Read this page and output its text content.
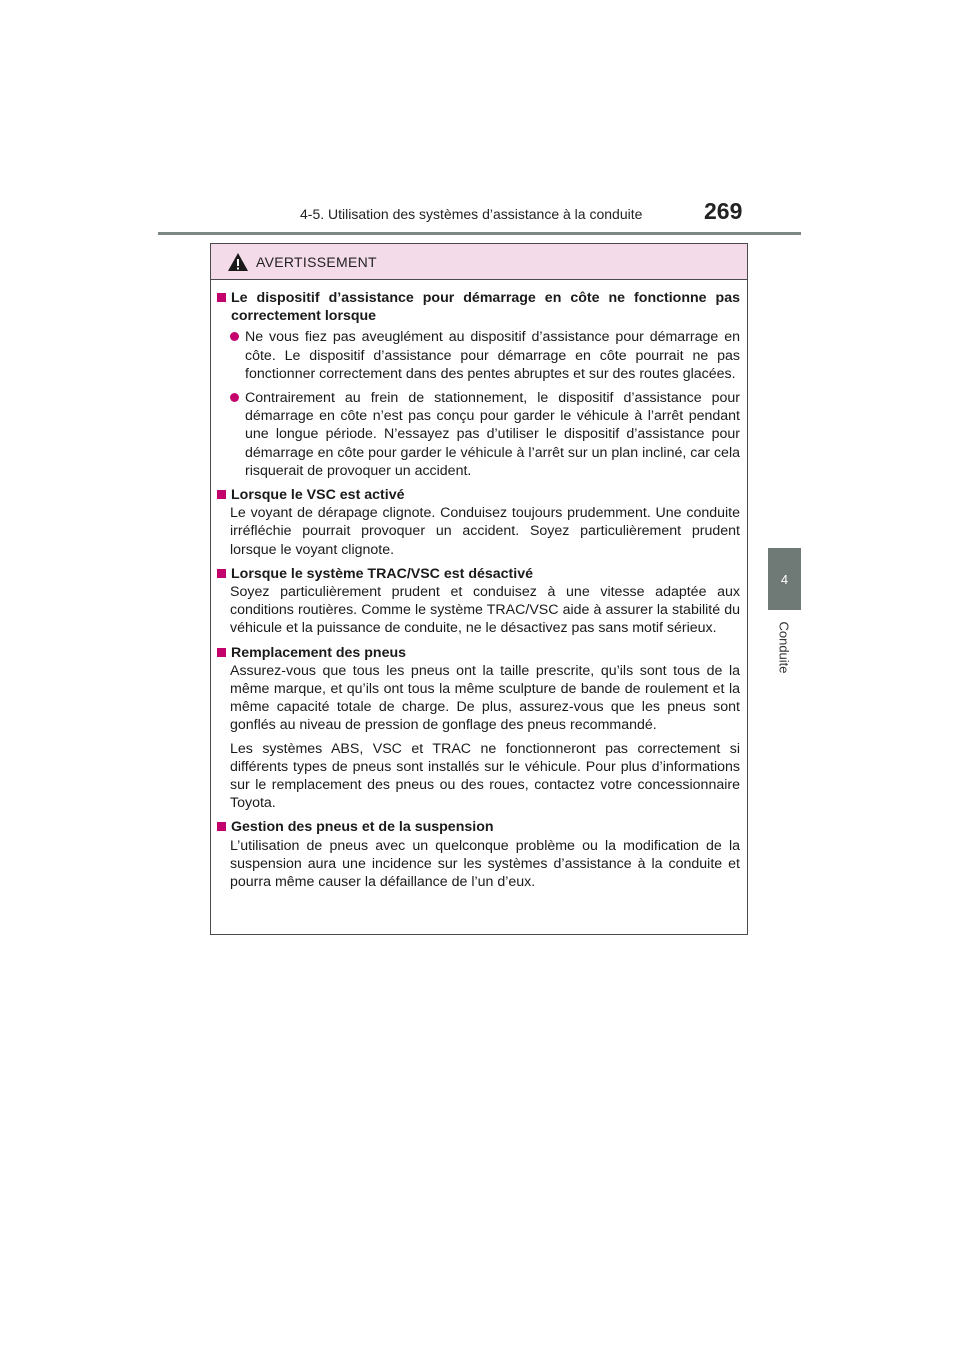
4-5. Utilisation des systèmes d’assistance à la conduite	269
4
Conduite
AVERTISSEMENT
Le dispositif d’assistance pour démarrage en côte ne fonctionne pas correctement lorsque
Ne vous fiez pas aveuglément au dispositif d’assistance pour démarrage en côte. Le dispositif d’assistance pour démarrage en côte pourrait ne pas fonctionner correctement dans des pentes abruptes et sur des routes glacées.
Contrairement au frein de stationnement, le dispositif d’assistance pour démarrage en côte n’est pas conçu pour garder le véhicule à l’arrêt pendant une longue période. N’essayez pas d’utiliser le dispositif d’assistance pour démarrage en côte pour garder le véhicule à l’arrêt sur un plan incliné, car cela risquerait de provoquer un accident.
Lorsque le VSC est activé

Le voyant de dérapage clignote. Conduisez toujours prudemment. Une conduite irréfléchie pourrait provoquer un accident. Soyez particulièrement prudent lorsque le voyant clignote.

Lorsque le système TRAC/VSC est désactivé

Soyez particulièrement prudent et conduisez à une vitesse adaptée aux conditions routières. Comme le système TRAC/VSC aide à assurer la stabilité du véhicule et la puissance de conduite, ne le désactivez pas sans motif sérieux.

Remplacement des pneus

Assurez-vous que tous les pneus ont la taille prescrite, qu’ils sont tous de la même marque, et qu’ils ont tous la même sculpture de bande de roulement et la même capacité totale de charge. De plus, assurez-vous que les pneus sont gonflés au niveau de pression de gonflage des pneus recommandé.

Les systèmes ABS, VSC et TRAC ne fonctionneront pas correctement si différents types de pneus sont installés sur le véhicule. Pour plus d’informations sur le remplacement des pneus ou des roues, contactez votre concessionnaire Toyota.

Gestion des pneus et de la suspension

L’utilisation de pneus avec un quelconque problème ou la modification de la suspension aura une incidence sur les systèmes d’assistance à la conduite et pourra même causer la défaillance de l’un d’eux.
